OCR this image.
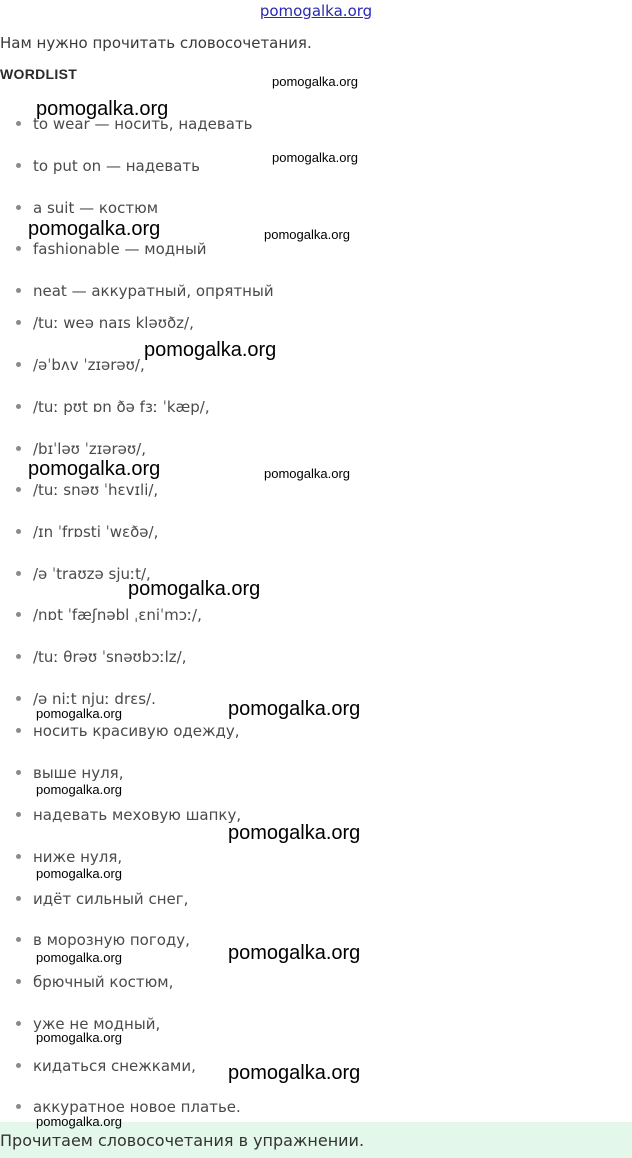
pomogalka.org
Нам нужно прочитать словосочетания.
WORDLIST
to wear — носить, надевать
to put on — надевать
a suit — костюм
fashionable — модный
neat — аккуратный, опрятный
/tuː weə naɪs kləʊðz/,
/əˈbʌv ˈzɪərəʊ/,
/tuː pʊt ɒn ðə fɜː ˈkæp/,
/bɪˈləʊ ˈzɪərəʊ/,
/tuː snəʊ ˈhɛvɪli/,
/ɪn ˈfrɒsti ˈwɛðə/,
/ə ˈtraʊzə sjuːt/,
/nɒt ˈfæʃnəbl ˌɛniˈmɔː/,
/tuː θrəʊ ˈsnəʊbɔːlz/,
/ə niːt njuː drɛs/.
носить красивую одежду,
выше нуля,
надевать меховую шапку,
ниже нуля,
идёт сильный снег,
в морозную погоду,
брючный костюм,
уже не модный,
кидаться снежками,
аккуратное новое платье.
pomogalka.org
pomogalka.org
pomogalka.org
pomogalka.org	pomogalka.org
pomogalka.org
pomogalka.org	pomogalka.org
pomogalka.org
pomogalka.org
pomogalka.org
pomogalka.org
pomogalka.org
pomogalka.org
pomogalka.org
pomogalka.org
pomogalka.org
pomogalka.org
Прочитаем словосочетания в упражнении.
pomogalka.org
